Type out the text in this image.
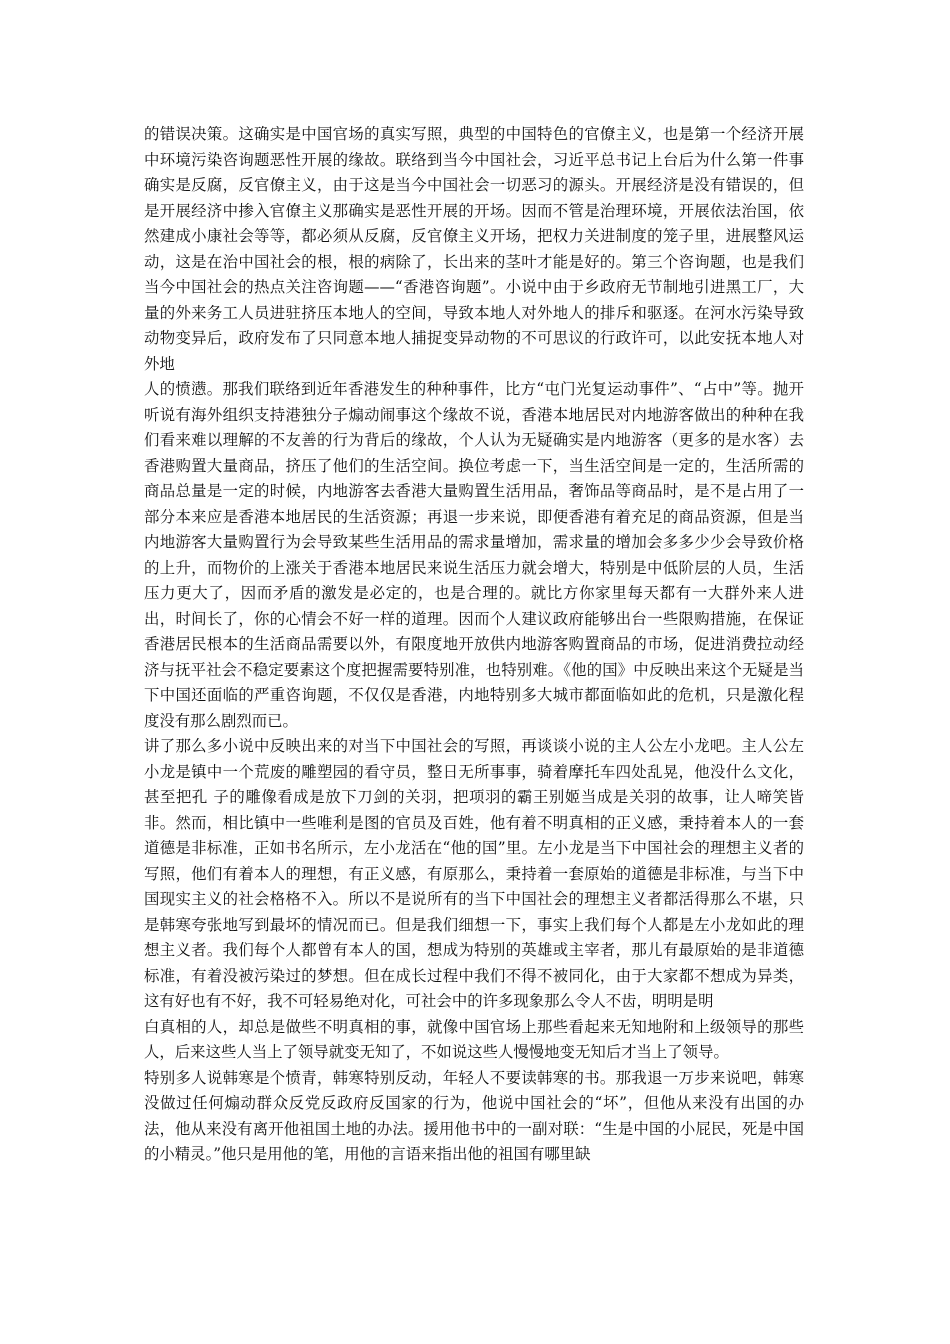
的错误决策。这确实是中国官场的真实写照，典型的中国特色的官僚主义，也是第一个经济开展中环境污染咨询题恶性开展的缘故。联络到当今中国社会，习近平总书记上台后为什么第一件事确实是反腐，反官僚主义，由于这是当今中国社会一切恶习的源头。开展经济是没有错误的，但是开展经济中掺入官僚主义那确实是恶性开展的开场。因而不管是治理环境，开展依法治国，依然建成小康社会等等，都必须从反腐，反官僚主义开场，把权力关进制度的笼子里，进展整风运动，这是在治中国社会的根，根的病除了，长出来的茎叶才能是好的。第三个咨询题，也是我们当今中国社会的热点关注咨询题——“香港咨询题”。小说中由于乡政府无节制地引进黑工厂，大量的外来务工人员进驻挤压本地人的空间，导致本地人对外地人的排斥和驱逐。在河水污染导致动物变异后，政府发布了只同意本地人捕捉变异动物的不可思议的行政许可，以此安抚本地人对外地

人的愤懑。那我们联络到近年香港发生的种种事件，比方“屯门光复运动事件”、“占中”等。抛开听说有海外组织支持港独分子煽动闹事这个缘故不说，香港本地居民对内地游客做出的种种在我们看来难以理解的不友善的行为背后的缘故，个人认为无疑确实是内地游客（更多的是水客）去香港购置大量商品，挤压了他们的生活空间。换位考虑一下，当生活空间是一定的，生活所需的商品总量是一定的时候，内地游客去香港大量购置生活用品，奢饰品等商品时，是不是占用了一部分本来应是香港本地居民的生活资源；再退一步来说，即便香港有着充足的商品资源，但是当内地游客大量购置行为会导致某些生活用品的需求量增加，需求量的增加会多多少少会导致价格的上升，而物价的上涨关于香港本地居民来说生活压力就会增大，特别是中低阶层的人员，生活压力更大了，因而矛盾的激发是必定的，也是合理的。就比方你家里每天都有一大群外来人进出，时间长了，你的心情会不好一样的道理。因而个人建议政府能够出台一些限购措施，在保证香港居民根本的生活商品需要以外，有限度地开放供内地游客购置商品的市场，促进消费拉动经济与抚平社会不稳定要素这个度把握需要特别准，也特别难。《他的国》中反映出来这个无疑是当下中国还面临的严重咨询题，不仅仅是香港，内地特别多大城市都面临如此的危机，只是激化程度没有那么剧烈而已。

讲了那么多小说中反映出来的对当下中国社会的写照，再谈谈小说的主人公左小龙吧。主人公左小龙是镇中一个荒废的雕塑园的看守员，整日无所事事，骑着摩托车四处乱晃，他没什么文化，甚至把孔 子的雕像看成是放下刀剑的关羽，把项羽的霸王别姬当成是关羽的故事，让人啼笑皆非。然而，相比镇中一些唯利是图的官员及百姓，他有着不明真相的正义感，秉持着本人的一套道德是非标准，正如书名所示，左小龙活在“他的国”里。左小龙是当下中国社会的理想主义者的写照，他们有着本人的理想，有正义感，有原那么，秉持着一套原始的道德是非标准，与当下中国现实主义的社会格格不入。所以不是说所有的当下中国社会的理想主义者都活得那么不堪，只是韩寒夸张地写到最坏的情况而已。但是我们细想一下，事实上我们每个人都是左小龙如此的理想主义者。我们每个人都曾有本人的国，想成为特别的英雄或主宰者，那儿有最原始的是非道德标准，有着没被污染过的梦想。但在成长过程中我们不得不被同化，由于大家都不想成为异类，这有好也有不好，我不可轻易绝对化，可社会中的许多现象那么令人不齿，明明是明

白真相的人，却总是做些不明真相的事，就像中国官场上那些看起来无知地附和上级领导的那些人，后来这些人当上了领导就变无知了，不如说这些人慢慢地变无知后才当上了领导。

特别多人说韩寒是个愤青，韩寒特别反动，年轻人不要读韩寒的书。那我退一万步来说吧，韩寒没做过任何煽动群众反党反政府反国家的行为，他说中国社会的“坏”，但他从来没有出国的办法，他从来没有离开他祖国土地的办法。援用他书中的一副对联：“生是中国的小屁民，死是中国的小精灵。”他只是用他的笔，用他的言语来指出他的祖国有哪里缺
